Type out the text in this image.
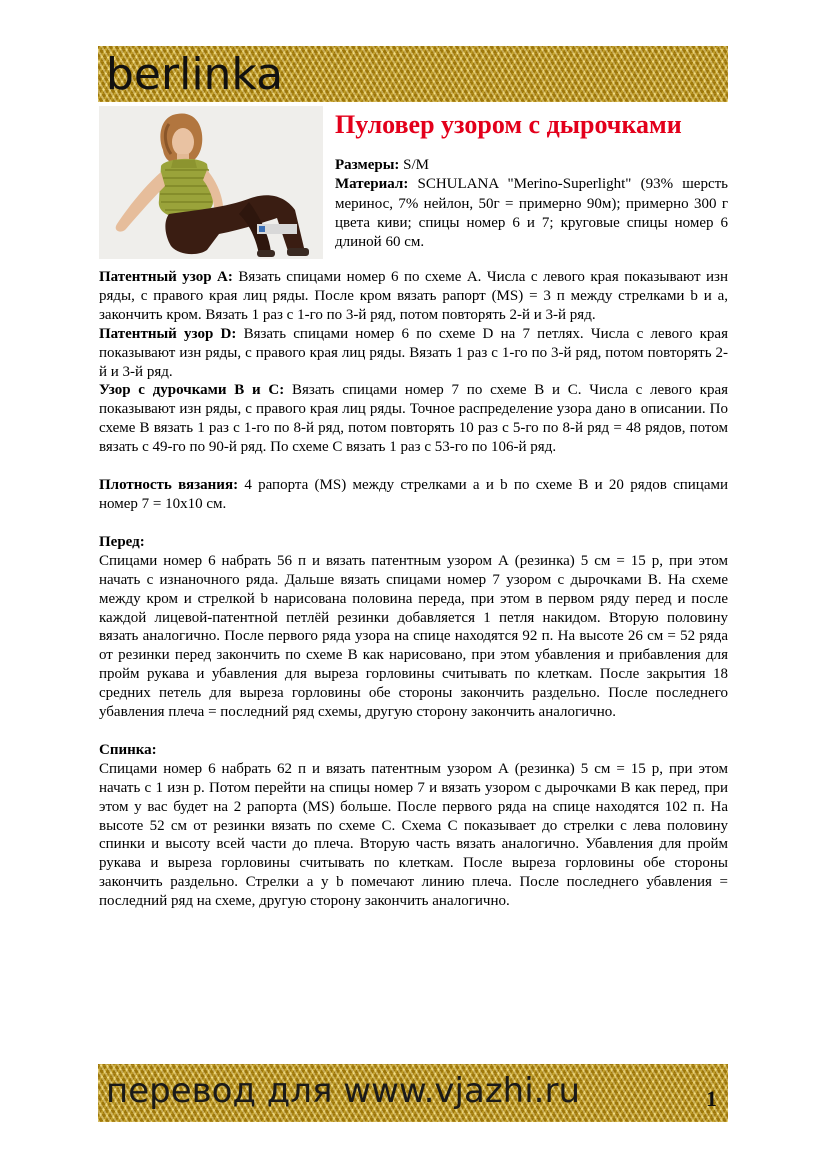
berlinka
Пуловер узором с дырочками

Размеры: S/M

Материал: SCHULANA "Merino-Superlight" (93% шерсть меринос, 7% нейлон, 50г = примерно 90м); примерно 300 г цвета киви; спицы номер 6 и 7; круговые спицы номер 6 длиной 60 см.

Патентный узор А: Вязать спицами номер 6 по схеме А. Числа с левого края показывают изн ряды, с правого края лиц ряды. После кром вязать рапорт (MS) = 3 п между стрелками b и a, закончить кром. Вязать 1 раз с 1-го по 3-й ряд, потом повторять 2-й и 3-й ряд.

Патентный узор D: Вязать спицами номер 6 по схеме D на 7 петлях. Числа с левого края показывают изн ряды, с правого края лиц ряды. Вязать 1 раз с 1-го по 3-й ряд, потом повторять 2-й и 3-й ряд.

Узор с дурочками В и С: Вязать спицами номер 7 по схеме В и С. Числа с левого края показывают изн ряды, с правого края лиц ряды. Точное распределение узора дано в описании. По схеме В вязать 1 раз с 1-го по 8-й ряд, потом повторять 10 раз с 5-го по 8-й ряд = 48 рядов, потом вязать с 49-го по 90-й ряд. По схеме С вязать 1 раз с 53-го по 106-й ряд.

Плотность вязания: 4 рапорта (MS) между стрелками a и b по схеме В и 20 рядов спицами номер 7 = 10х10 см.

Перед:

Спицами номер 6 набрать 56 п и вязать патентным узором А (резинка) 5 см = 15 р, при этом начать с изнаночного ряда. Дальше вязать спицами номер 7 узором с дырочками В. На схеме между кром и стрелкой b нарисована половина переда, при этом в первом ряду перед и после каждой лицевой-патентной петлёй резинки добавляется 1 петля накидом. Вторую половину вязать аналогично. После первого ряда узора на спице находятся 92 п. На высоте 26 см = 52 ряда от резинки перед закончить по схеме В как нарисовано, при этом убавления и прибавления для пройм рукава и убавления для выреза горловины считывать по клеткам. После закрытия 18 средних петель для выреза горловины обе стороны закончить раздельно. После последнего убавления плеча = последний ряд схемы, другую сторону закончить аналогично.

Спинка:

Спицами номер 6 набрать 62 п и вязать патентным узором А (резинка) 5 см = 15 р, при этом начать с 1 изн р. Потом перейти на спицы номер 7 и вязать узором с дырочками В как перед, при этом у вас будет на 2 рапорта (MS) больше. После первого ряда на спице находятся 102 п. На высоте 52 см от резинки вязать по схеме С. Схема С показывает до стрелки с лева половину спинки и высоту всей части до плеча. Вторую часть вязать аналогично. Убавления для пройм рукава и выреза горловины считывать по клеткам. После выреза горловины обе стороны закончить раздельно. Стрелки a у b помечают линию плеча. После последнего убавления = последний ряд на схеме, другую сторону закончить аналогично.

перевод для www.vjazhi.ru	1
